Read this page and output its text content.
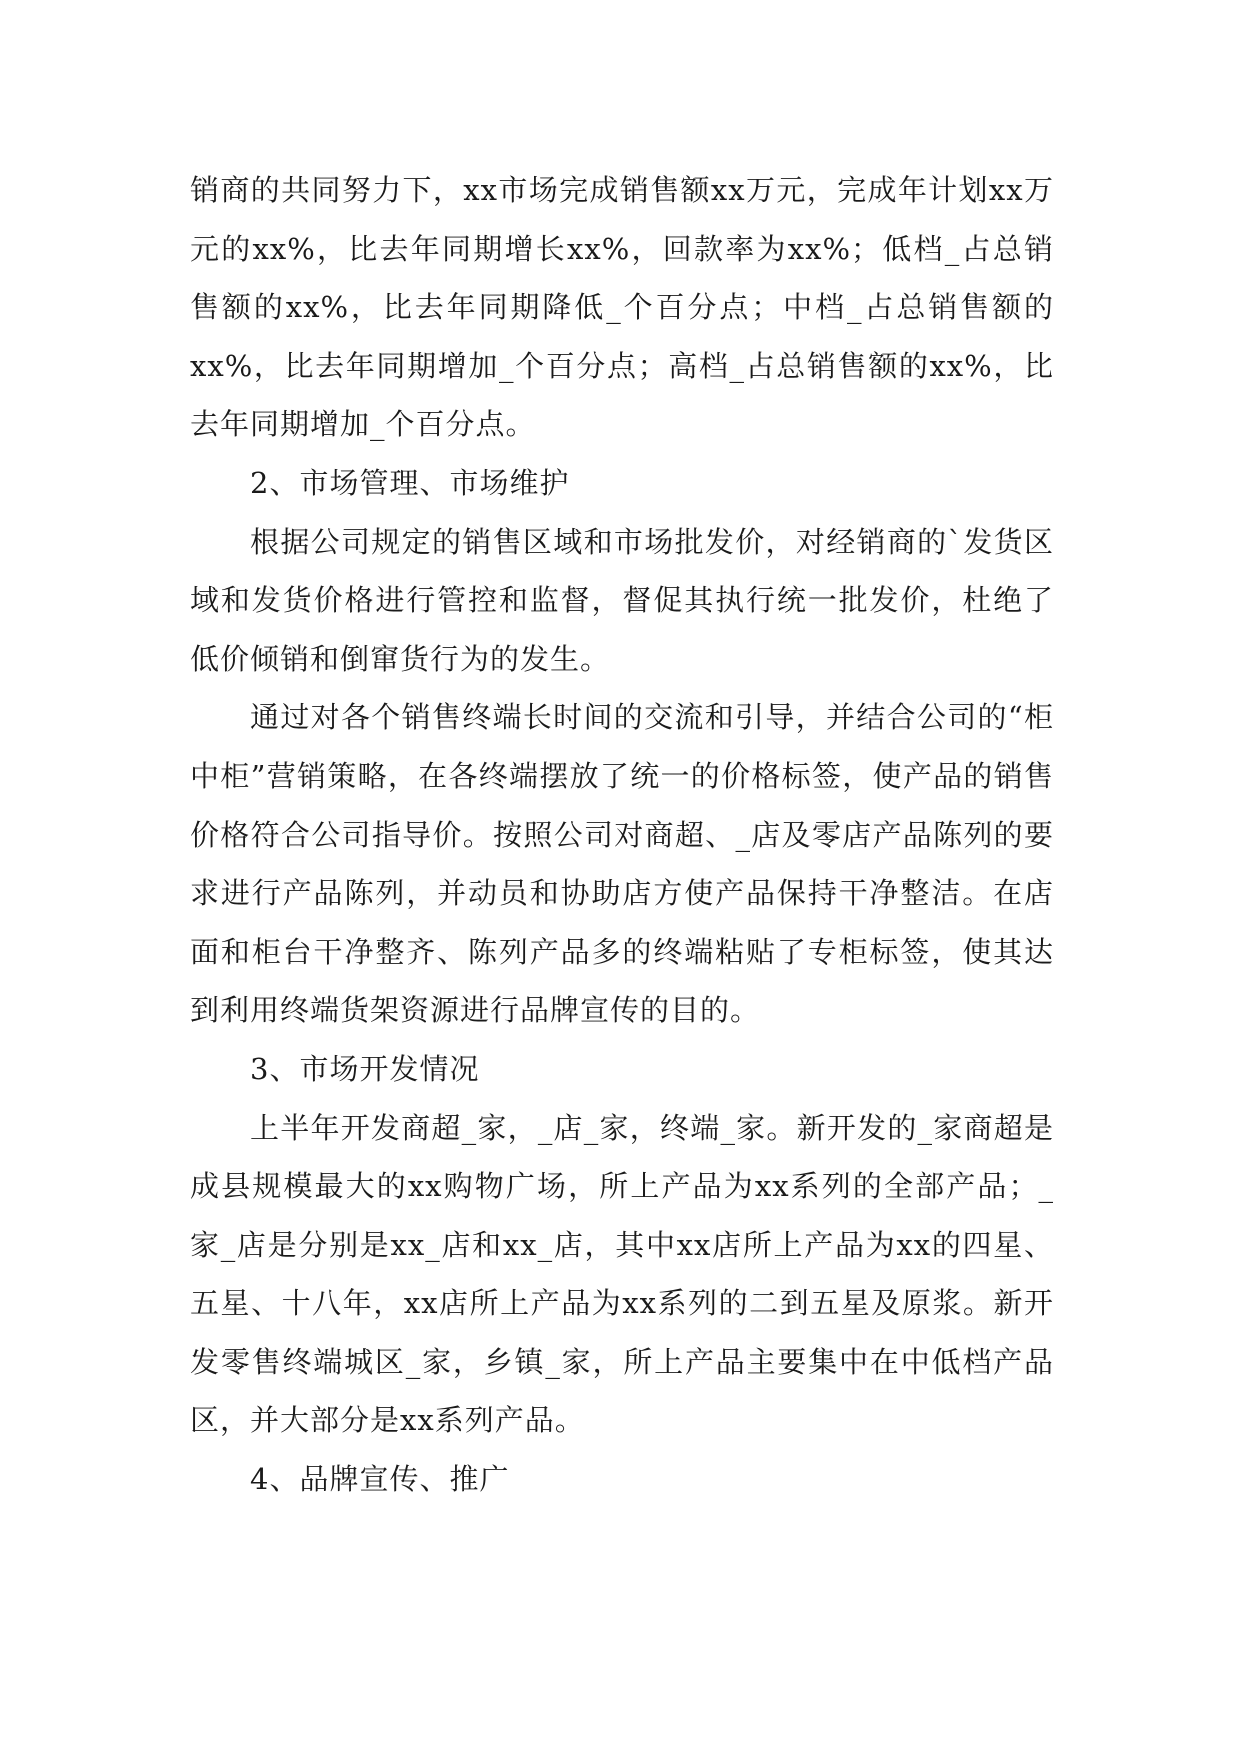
销商的共同努力下，xx市场完成销售额xx万元，完成年计划xx万元的xx%，比去年同期增长xx%，回款率为xx%；低档_占总销售额的xx%，比去年同期降低_个百分点；中档_占总销售额的xx%，比去年同期增加_个百分点；高档_占总销售额的xx%，比去年同期增加_个百分点。

2、市场管理、市场维护

根据公司规定的销售区域和市场批发价，对经销商的`发货区域和发货价格进行管控和监督，督促其执行统一批发价，杜绝了低价倾销和倒窜货行为的发生。

通过对各个销售终端长时间的交流和引导，并结合公司的“柜中柜”营销策略，在各终端摆放了统一的价格标签，使产品的销售价格符合公司指导价。按照公司对商超、_店及零店产品陈列的要求进行产品陈列，并动员和协助店方使产品保持干净整洁。在店面和柜台干净整齐、陈列产品多的终端粘贴了专柜标签，使其达到利用终端货架资源进行品牌宣传的目的。

3、市场开发情况

上半年开发商超_家，_店_家，终端_家。新开发的_家商超是成县规模最大的xx购物广场，所上产品为xx系列的全部产品；_家_店是分别是xx_店和xx_店，其中xx店所上产品为xx的四星、五星、十八年，xx店所上产品为xx系列的二到五星及原浆。新开发零售终端城区_家，乡镇_家，所上产品主要集中在中低档产品区，并大部分是xx系列产品。

4、品牌宣传、推广
